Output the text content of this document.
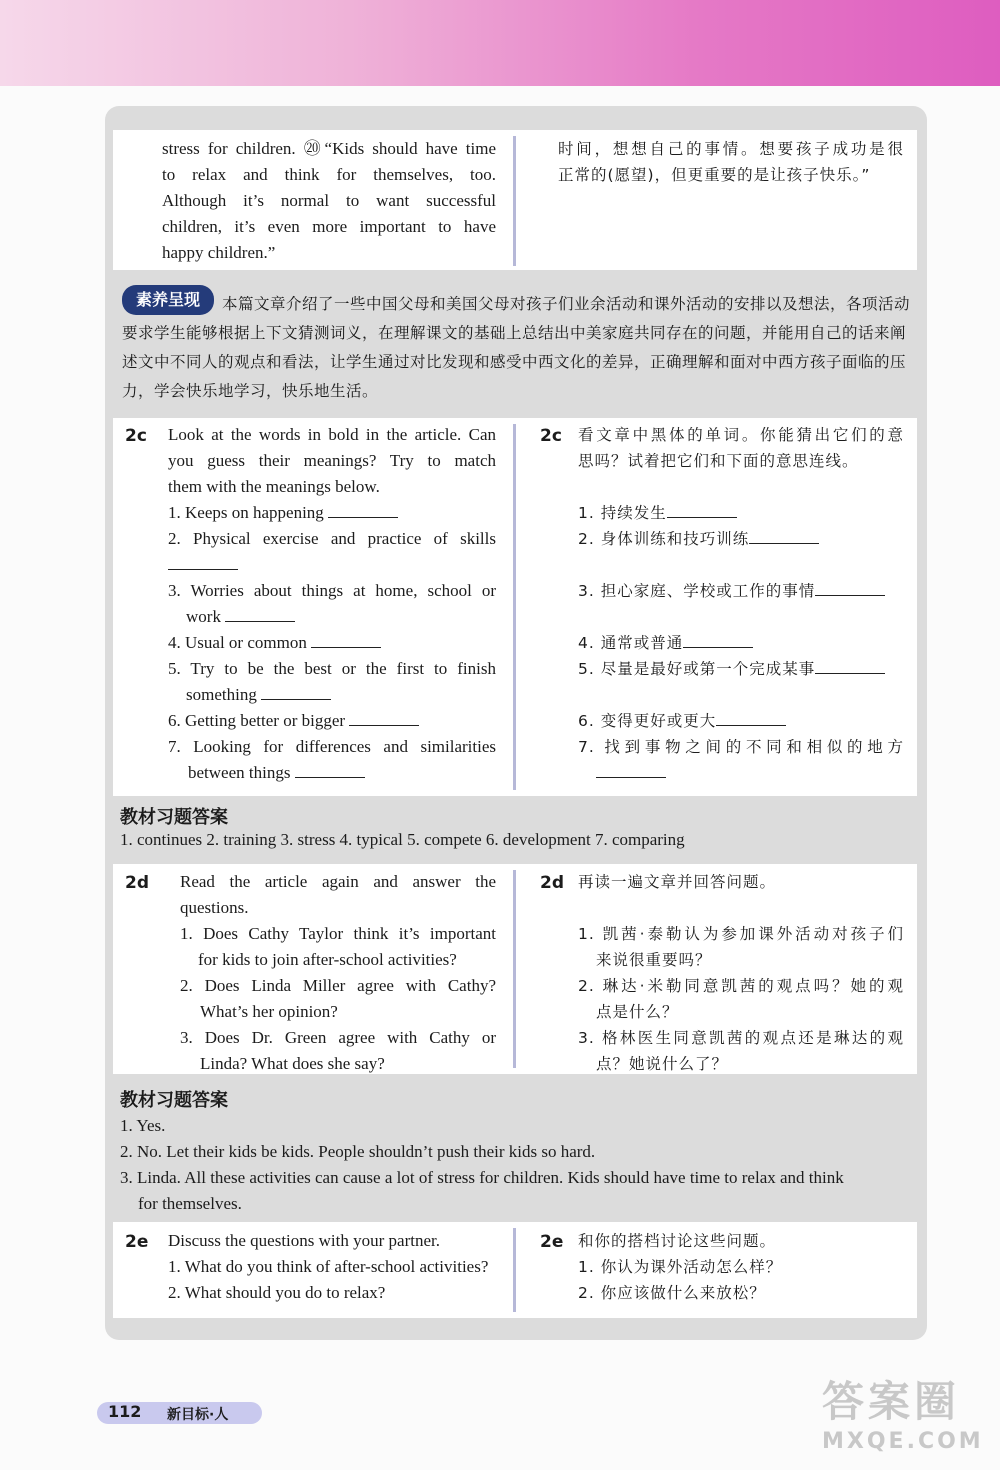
stress for children. ⑳“Kids should have time
to relax and think for themselves, too.
Although it’s normal to want successful
children, it’s even more important to have
happy children.”
时间，想想自己的事情。想要孩子成功是很
正常的(愿望)，但更重要的是让孩子快乐。”
素养呈现	本篇文章介绍了一些中国父母和美国父母对孩子们业余活动和课外活动的安排以及想法，各项活动要求学生能够根据上下文猜测词义，在理解课文的基础上总结出中美家庭共同存在的问题，并能用自己的话来阐述文中不同人的观点和看法，让学生通过对比发现和感受中西文化的差异，正确理解和面对中西方孩子面临的压力，学会快乐地学习，快乐地生活。
2c Look at the words in bold in the article. Can
you guess their meanings? Try to match
them with the meanings below.
1. Keeps on happening
2. Physical exercise and practice of skills
3. Worries about things at home, school or
work
4. Usual or common
5. Try to be the best or the first to finish
something
6. Getting better or bigger
7. Looking for differences and similarities
between things
2c 看文章中黑体的单词。你能猜出它们的意
思吗？试着把它们和下面的意思连线。

1. 持续发生
2. 身体训练和技巧训练

3. 担心家庭、学校或工作的事情

4. 通常或普通
5. 尽量是最好或第一个完成某事

6. 变得更好或更大
7. 找到事物之间的不同和相似的地方
教材习题答案
1. continues 2. training 3. stress 4. typical 5. compete 6. development 7. comparing
2d Read the article again and answer the
questions.
1. Does Cathy Taylor think it’s important
for kids to join after-school activities?
2. Does Linda Miller agree with Cathy?
What’s her opinion?
3. Does Dr. Green agree with Cathy or
Linda? What does she say?
2d 再读一遍文章并回答问题。

1. 凯茜·泰勒认为参加课外活动对孩子们
来说很重要吗？
2. 琳达·米勒同意凯茜的观点吗？她的观
点是什么？
3. 格林医生同意凯茜的观点还是琳达的观
点？她说什么了？
教材习题答案
1. Yes.
2. No. Let their kids be kids. People shouldn’t push their kids so hard.
3. Linda. All these activities can cause a lot of stress for children. Kids should have time to relax and think
for themselves.
2e Discuss the questions with your partner.
1. What do you think of after-school activities?
2. What should you do to relax?
2e 和你的搭档讨论这些问题。
1. 你认为课外活动怎么样？
2. 你应该做什么来放松？
112 新目标·人	答案圈
MXQE.COM
